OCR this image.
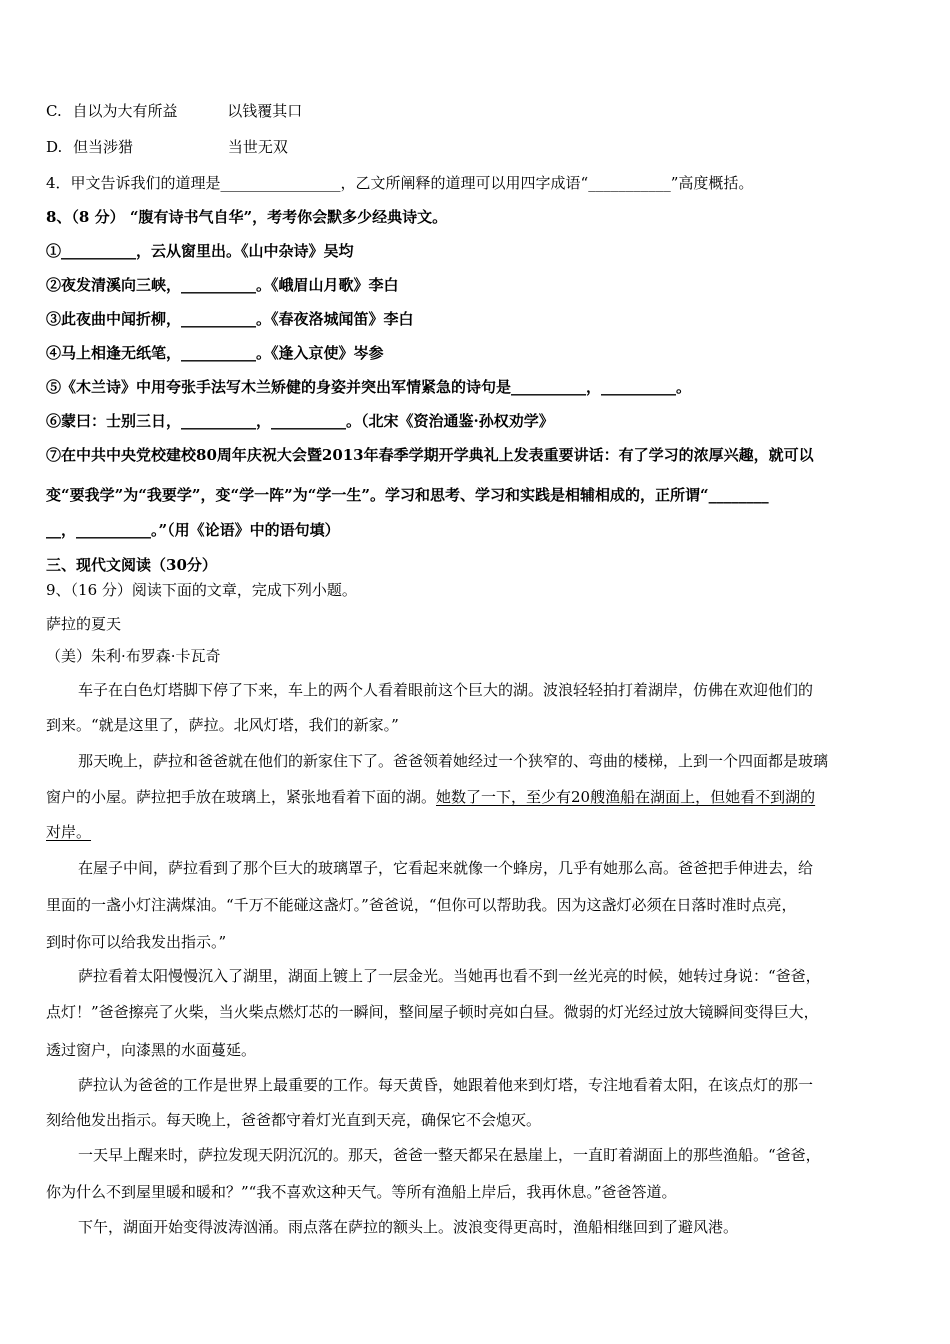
C. 自以为大有所益	以钱覆其口
D. 但当涉猎	当世无双
4．甲文告诉我们的道理是________________，乙文所阐释的道理可以用四字成语“___________”高度概括。
8、（8 分） “腹有诗书气自华”，考考你会默多少经典诗文。
①__________，云从窗里出。《山中杂诗》吴均
②夜发清溪向三峡，__________。《峨眉山月歌》李白
③此夜曲中闻折柳，__________。《春夜洛城闻笛》李白
④马上相逢无纸笔，__________。《逢入京使》岑参
⑤《木兰诗》中用夸张手法写木兰矫健的身姿并突出军情紧急的诗句是__________，__________。
⑥蒙曰：士别三日，__________，__________。（北宋《资治通鉴·孙权劝学》
⑦在中共中央党校建校80周年庆祝大会暨2013年春季学期开学典礼上发表重要讲话：有了学习的浓厚兴趣，就可以
变“要我学”为“我要学”，变“学一阵”为“学一生”。学习和思考、学习和实践是相辅相成的，正所谓“________
__，__________。”（用《论语》中的语句填）
三、现代文阅读（30分）
9、（16 分）阅读下面的文章，完成下列小题。
萨拉的夏天
（美）朱利·布罗森·卡瓦奇
车子在白色灯塔脚下停了下来，车上的两个人看着眼前这个巨大的湖。波浪轻轻拍打着湖岸，仿佛在欢迎他们的
到来。“就是这里了，萨拉。北风灯塔，我们的新家。”
那天晚上，萨拉和爸爸就在他们的新家住下了。爸爸领着她经过一个狭窄的、弯曲的楼梯，上到一个四面都是玻璃
窗户的小屋。萨拉把手放在玻璃上，紧张地看着下面的湖。她数了一下，至少有20艘渔船在湖面上，但她看不到湖的
对岸。
在屋子中间，萨拉看到了那个巨大的玻璃罩子，它看起来就像一个蜂房，几乎有她那么高。爸爸把手伸进去，给
里面的一盏小灯注满煤油。“千万不能碰这盏灯。”爸爸说，“但你可以帮助我。因为这盏灯必须在日落时准时点亮，
到时你可以给我发出指示。”
萨拉看着太阳慢慢沉入了湖里，湖面上镀上了一层金光。当她再也看不到一丝光亮的时候，她转过身说：“爸爸，
点灯！”爸爸擦亮了火柴，当火柴点燃灯芯的一瞬间，整间屋子顿时亮如白昼。微弱的灯光经过放大镜瞬间变得巨大，
透过窗户，向漆黑的水面蔓延。
萨拉认为爸爸的工作是世界上最重要的工作。每天黄昏，她跟着他来到灯塔，专注地看着太阳，在该点灯的那一
刻给他发出指示。每天晚上，爸爸都守着灯光直到天亮，确保它不会熄灭。
一天早上醒来时，萨拉发现天阴沉沉的。那天，爸爸一整天都呆在悬崖上，一直盯着湖面上的那些渔船。“爸爸，
你为什么不到屋里暖和暖和？”“我不喜欢这种天气。等所有渔船上岸后，我再休息。”爸爸答道。
下午，湖面开始变得波涛汹涌。雨点落在萨拉的额头上。波浪变得更高时，渔船相继回到了避风港。
